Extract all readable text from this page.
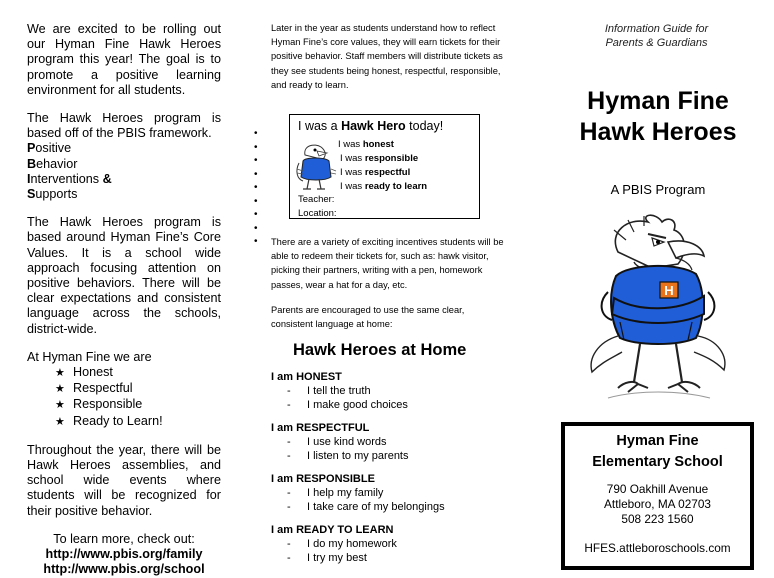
We are excited to be rolling out our Hyman Fine Hawk Heroes program this year! The goal is to promote a positive learning environment for all students.

The Hawk Heroes program is based off of the PBIS framework.
Positive
Behavior
Interventions &
Supports

The Hawk Heroes program is based around Hyman Fine’s Core Values. It is a school wide approach focusing attention on positive behaviors. There will be clear expectations and consistent language across the schools, district-wide.

At Hyman Fine we are
★ Honest
★ Respectful
★ Responsible
★ Ready to Learn!

Throughout the year, there will be Hawk Heroes assemblies, and school wide events where students will be recognized for their positive behavior.

To learn more, check out:
http://www.pbis.org/family
http://www.pbis.org/school
•
•
•
•
•
•
•
•
•

Later in the year as students understand how to reflect Hyman Fine’s core values, they will earn tickets for their positive behavior. Staff members will distribute tickets as they see students being honest, respectful, responsible, and ready to learn.

There are a variety of exciting incentives students will be able to redeem their tickets for, such as: hawk visitor, picking their partners, writing with a pen, homework passes, wear a hat for a day, etc.

Parents are encouraged to use the same clear, consistent language at home:

I was a Hawk Hero today!
I was honest
I was responsible
I was respectful
I was ready to learn
Teacher:
Location:
Hawk Heroes at Home
I am HONEST
- I tell the truth
- I make good choices
I am RESPECTFUL
- I use kind words
- I listen to my parents
I am RESPONSIBLE
- I help my family
- I take care of my belongings
I am READY TO LEARN
- I do my homework
- I try my best
Information Guide for
Parents & Guardians
Hyman Fine
Hawk Heroes
A PBIS Program
H
Hyman Fine
Elementary School
790 Oakhill Avenue
Attleboro, MA 02703
508 223 1560
HFES.attleboroschools.com
